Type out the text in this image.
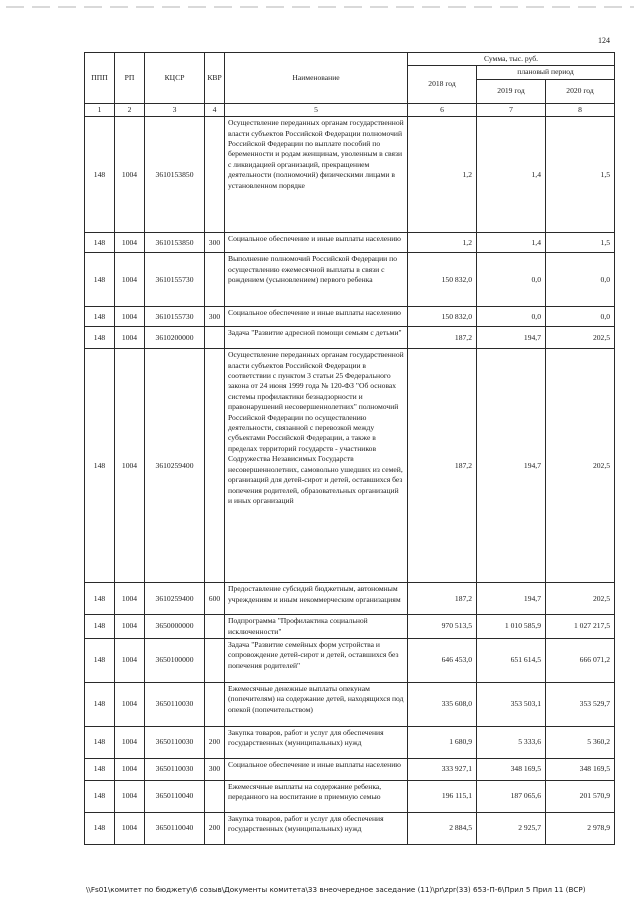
124
ППП	РП	КЦСР	КВР	Наименование	Сумма, тыс. руб.		
					2018 год	плановый период	
						2019 год	2020 год
1	2	3	4	5	6	7	8
148	1004	3610153850		Осуществление переданных органам государственной власти субъектов Российской Федерации полномочий Российской Федерации по выплате пособий по беременности и родам женщинам, уволенным в связи с ликвидацией организаций, прекращением деятельности (полномочий) физическими лицами в установленном порядке	1,2	1,4	1,5
148	1004	3610153850	300	Социальное обеспечение и иные выплаты населению	1,2	1,4	1,5
148	1004	3610155730		Выполнение полномочий Российской Федерации по осуществлению ежемесячной выплаты в связи с рождением (усыновлением) первого ребенка	150 832,0	0,0	0,0
148	1004	3610155730	300	Социальное обеспечение и иные выплаты населению	150 832,0	0,0	0,0
148	1004	3610200000		Задача "Развитие адресной помощи семьям с детьми"	187,2	194,7	202,5
148	1004	3610259400		Осуществление переданных органам государственной власти субъектов Российской Федерации в соответствии с пунктом 3 статьи 25 Федерального закона от 24 июня 1999 года № 120-ФЗ "Об основах системы профилактики безнадзорности и правонарушений несовершеннолетних" полномочий Российской Федерации по осуществлению деятельности, связанной с перевозкой между субъектами Российской Федерации, а также в пределах территорий государств - участников Содружества Независимых Государств несовершеннолетних, самовольно ушедших из семей, организаций для детей-сирот и детей, оставшихся без попечения родителей, образовательных организаций и иных организаций	187,2	194,7	202,5
148	1004	3610259400	600	Предоставление субсидий бюджетным, автономным учреждениям и иным некоммерческим организациям	187,2	194,7	202,5
148	1004	3650000000		Подпрограмма "Профилактика социальной исключенности"	970 513,5	1 010 585,9	1 027 217,5
148	1004	3650100000		Задача "Развитие семейных форм устройства и сопровождение детей-сирот и детей, оставшихся без попечения родителей"	646 453,0	651 614,5	666 071,2
148	1004	3650110030		Ежемесячные денежные выплаты опекунам (попечителям) на содержание детей, находящихся под опекой (попечительством)	335 608,0	353 503,1	353 529,7
148	1004	3650110030	200	Закупка товаров, работ и услуг для обеспечения государственных (муниципальных) нужд	1 680,9	5 333,6	5 360,2
148	1004	3650110030	300	Социальное обеспечение и иные выплаты населению	333 927,1	348 169,5	348 169,5
148	1004	3650110040		Ежемесячные выплаты на содержание ребенка, переданного на воспитание в приемную семью	196 115,1	187 065,6	201 570,9
148	1004	3650110040	200	Закупка товаров, работ и услуг для обеспечения государственных (муниципальных) нужд	2 884,5	2 925,7	2 978,9
\\Fs01\комитет по бюджету\6 созыв\Документы комитета\33 внеочередное заседание (11)\pr\zpr(33) 653-П-6\Прил 5 Прил 11 (ВСР)
